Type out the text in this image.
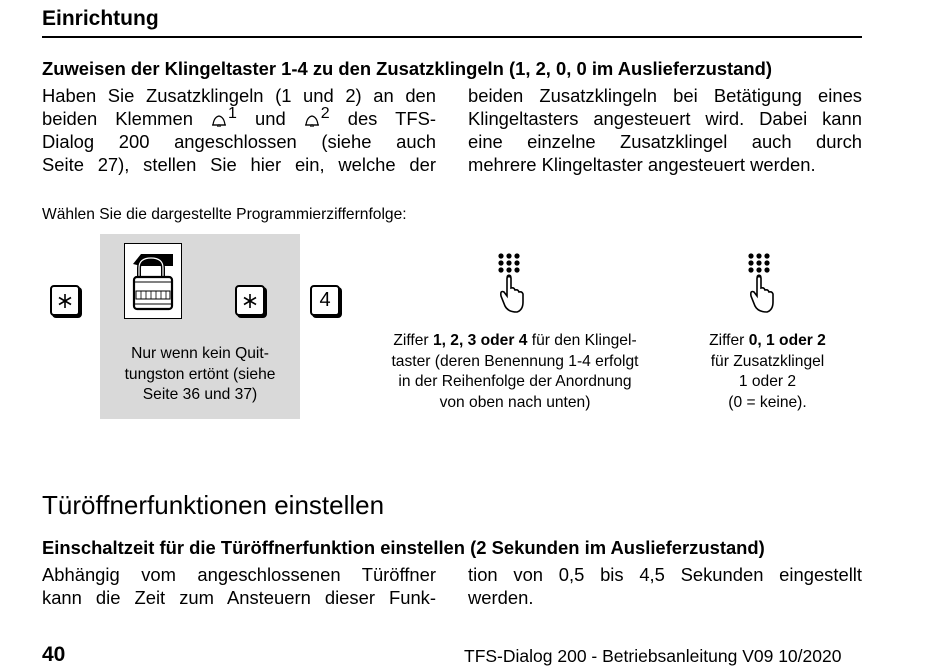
Einrichtung
Zuweisen der Klingeltaster 1-4 zu den Zusatzklingeln (1, 2, 0, 0 im Auslieferzustand)
Haben Sie Zusatzklingeln (1 und 2) an den
beiden Klemmen $^1$ und $^2$ des TFS-
Dialog 200 angeschlossen (siehe auch
Seite 27), stellen Sie hier ein, welche der
beiden Zusatzklingeln bei Betätigung eines
Klingeltasters angesteuert wird. Dabei kann
eine einzelne Zusatzklingel auch durch
mehrere Klingeltaster angesteuert werden.
Wählen Sie die dargestellte Programmierziffernfolge:
4
Nur wenn kein Quit-
tungston ertönt (siehe
Seite 36 und 37)
Ziffer 1, 2, 3 oder 4 für den Klingel-
taster (deren Benennung 1-4 erfolgt
in der Reihenfolge der Anordnung
von oben nach unten)
Ziffer 0, 1 oder 2
für Zusatzklingel
1 oder 2
(0 = keine).
Türöffnerfunktionen einstellen
Einschaltzeit für die Türöffnerfunktion einstellen (2 Sekunden im Auslieferzustand)
Abhängig vom angeschlossenen Türöffner
kann die Zeit zum Ansteuern dieser Funk-
tion von 0,5 bis 4,5 Sekunden eingestellt
werden.
40	TFS-Dialog 200 - Betriebsanleitung V09 10/2020
